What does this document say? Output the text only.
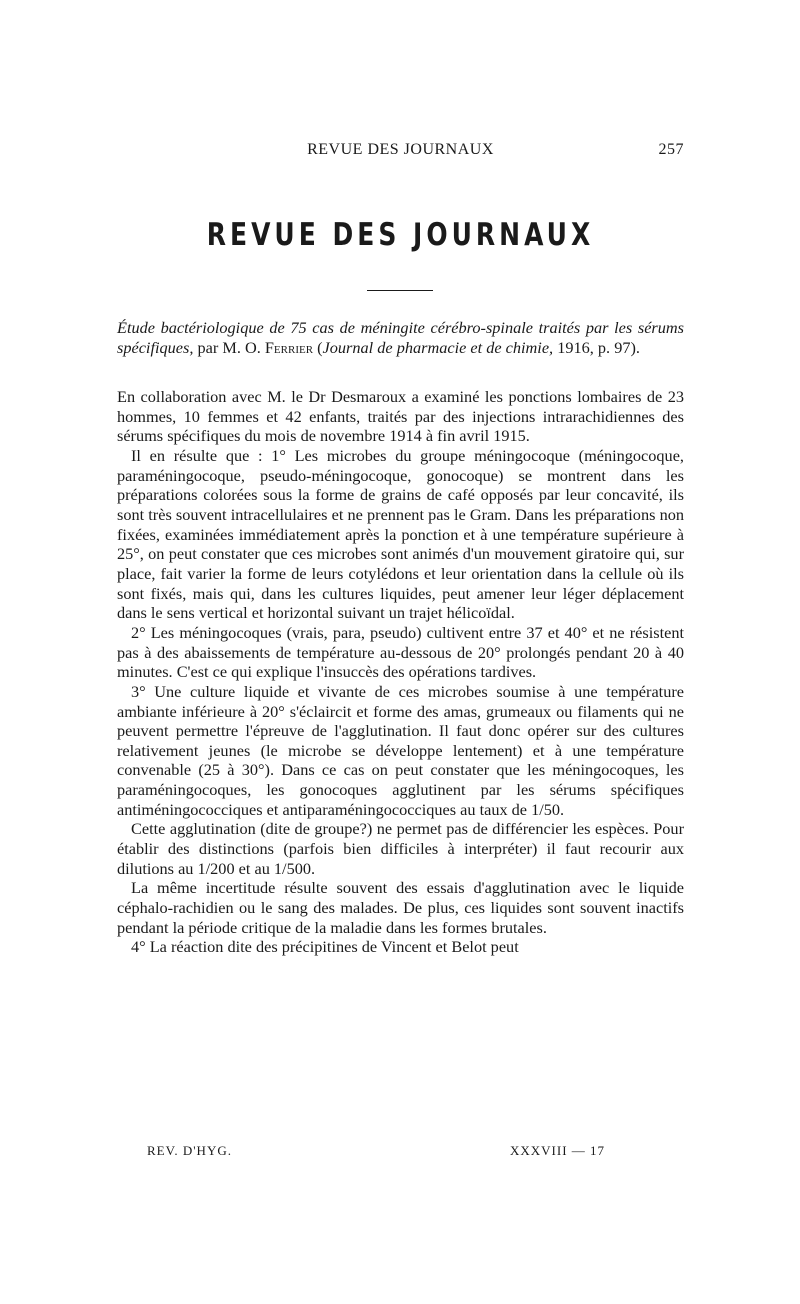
REVUE DES JOURNAUX	257
REVUE DES JOURNAUX
Étude bactériologique de 75 cas de méningite cérébro-spinale traités par les sérums spécifiques, par M. O. Ferrier (Journal de pharmacie et de chimie, 1916, p. 97).

En collaboration avec M. le Dr Desmaroux a examiné les ponctions lombaires de 23 hommes, 10 femmes et 42 enfants, traités par des injections intrarachidiennes des sérums spécifiques du mois de novembre 1914 à fin avril 1915.

Il en résulte que : 1° Les microbes du groupe méningocoque (méningocoque, paraméningocoque, pseudo-méningocoque, gonocoque) se montrent dans les préparations colorées sous la forme de grains de café opposés par leur concavité, ils sont très souvent intracellulaires et ne prennent pas le Gram. Dans les préparations non fixées, examinées immédiatement après la ponction et à une température supérieure à 25°, on peut constater que ces microbes sont animés d'un mouvement giratoire qui, sur place, fait varier la forme de leurs cotylédons et leur orientation dans la cellule où ils sont fixés, mais qui, dans les cultures liquides, peut amener leur léger déplacement dans le sens vertical et horizontal suivant un trajet hélicoïdal.

2° Les méningocoques (vrais, para, pseudo) cultivent entre 37 et 40° et ne résistent pas à des abaissements de température au-dessous de 20° prolongés pendant 20 à 40 minutes. C'est ce qui explique l'insuccès des opérations tardives.

3° Une culture liquide et vivante de ces microbes soumise à une température ambiante inférieure à 20° s'éclaircit et forme des amas, grumeaux ou filaments qui ne peuvent permettre l'épreuve de l'agglutination. Il faut donc opérer sur des cultures relativement jeunes (le microbe se développe lentement) et à une température convenable (25 à 30°). Dans ce cas on peut constater que les méningocoques, les paraméningocoques, les gonocoques agglutinent par les sérums spécifiques antiméningococciques et antiparaméningococciques au taux de 1/50.

Cette agglutination (dite de groupe?) ne permet pas de différencier les espèces. Pour établir des distinctions (parfois bien difficiles à interpréter) il faut recourir aux dilutions au 1/200 et au 1/500.

La même incertitude résulte souvent des essais d'agglutination avec le liquide céphalo-rachidien ou le sang des malades. De plus, ces liquides sont souvent inactifs pendant la période critique de la maladie dans les formes brutales.

4° La réaction dite des précipitines de Vincent et Belot peut

REV. D'HYG.	XXXVIII — 17
